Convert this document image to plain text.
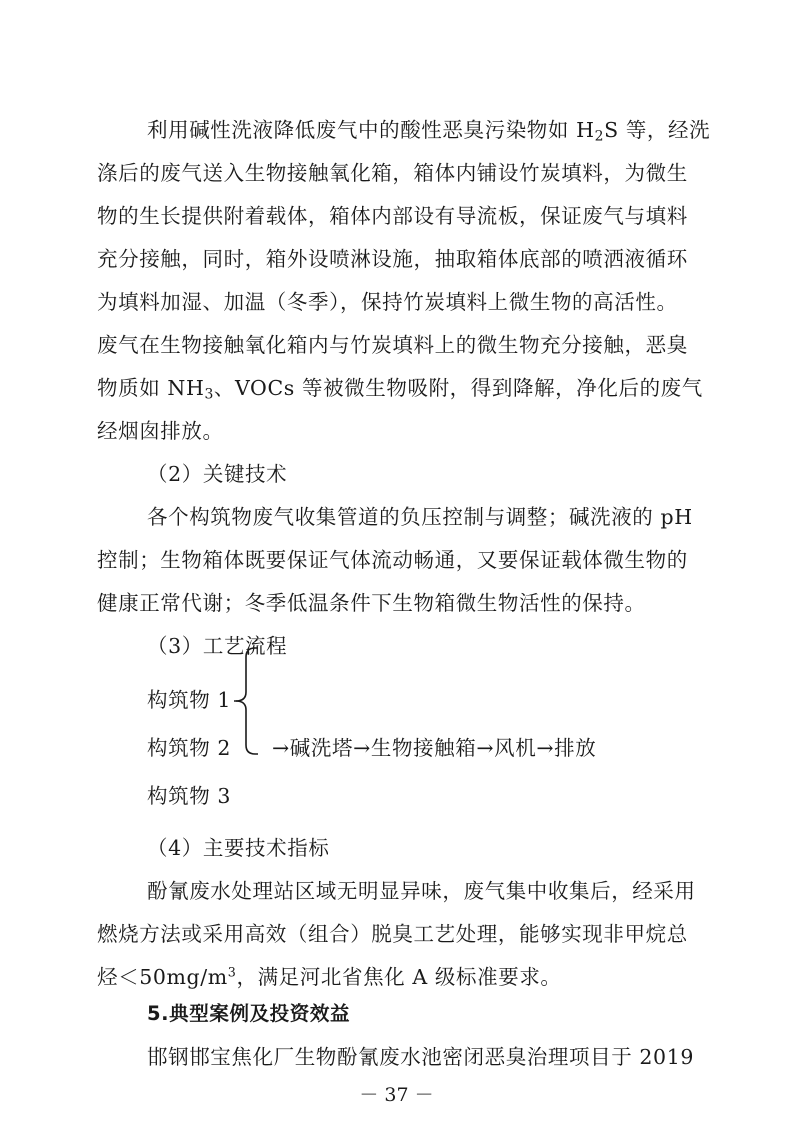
利用碱性洗液降低废气中的酸性恶臭污染物如 $H_2S$ 等，经洗
涤后的废气送入生物接触氧化箱，箱体内铺设竹炭填料，为微生
物的生长提供附着载体，箱体内部设有导流板，保证废气与填料
充分接触，同时，箱外设喷淋设施，抽取箱体底部的喷洒液循环
为填料加湿、加温（冬季），保持竹炭填料上微生物的高活性。
废气在生物接触氧化箱内与竹炭填料上的微生物充分接触，恶臭
物质如 $NH_3$、VOCs 等被微生物吸附，得到降解，净化后的废气
经烟囱排放。
（2）关键技术
各个构筑物废气收集管道的负压控制与调整；碱洗液的 pH
控制；生物箱体既要保证气体流动畅通，又要保证载体微生物的
健康正常代谢；冬季低温条件下生物箱微生物活性的保持。
（3）工艺流程
构筑物 1
构筑物 2
构筑物 3
→碱洗塔→生物接触箱→风机→排放
（4）主要技术指标
酚氰废水处理站区域无明显异味，废气集中收集后，经采用
燃烧方法或采用高效（组合）脱臭工艺处理，能够实现非甲烷总
烃$<50mg/m^3$，满足河北省焦化 A 级标准要求。
5.典型案例及投资效益
邯钢邯宝焦化厂生物酚氰废水池密闭恶臭治理项目于 2019
－ 37 －
